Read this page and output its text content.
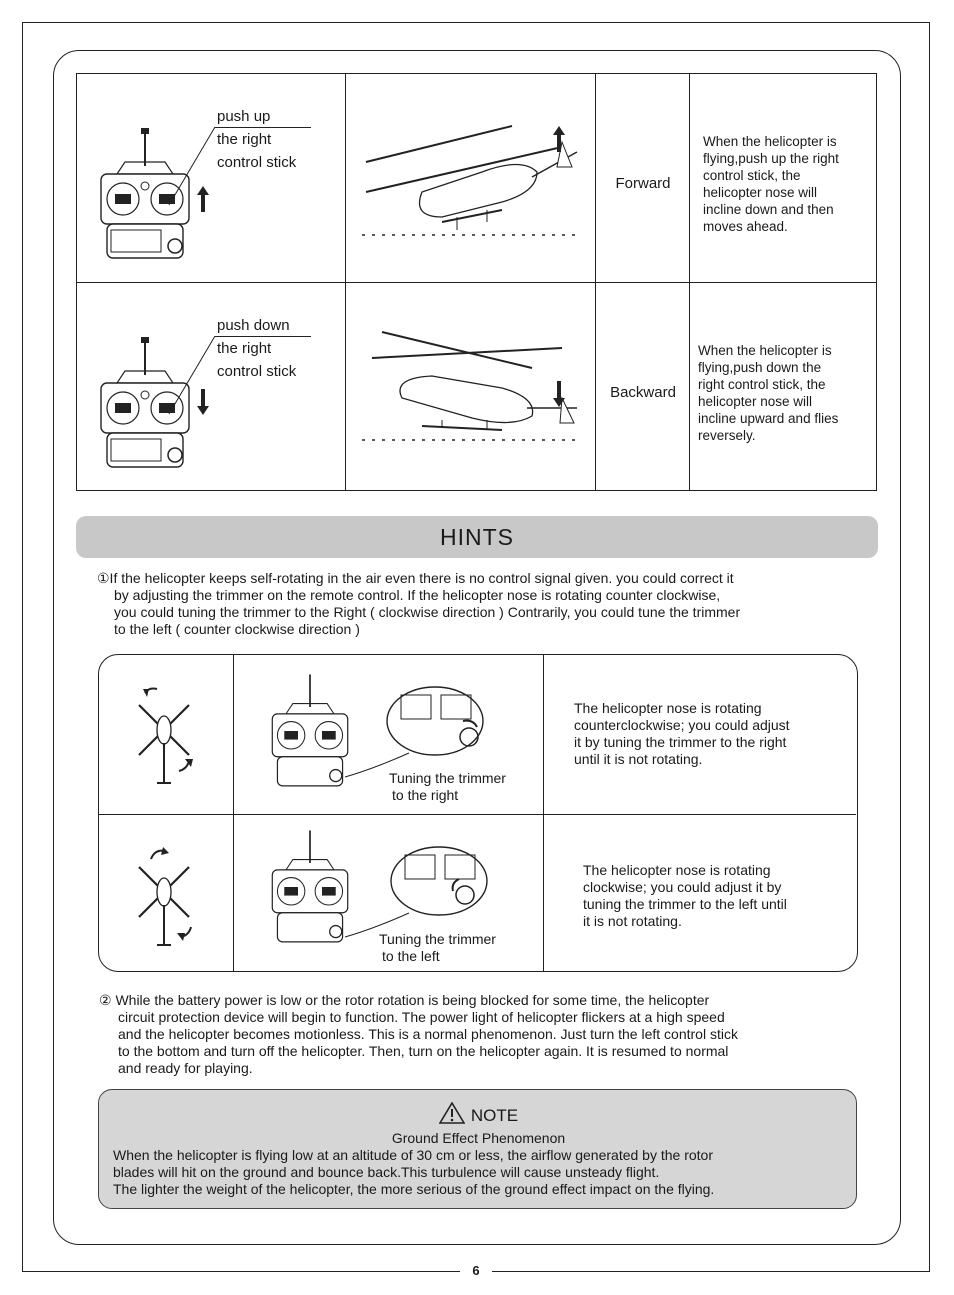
6
push up
the right
control stick
Forward
When the helicopter is
flying,push up the right
control stick, the
helicopter nose will
incline down and then
moves ahead.
push down
the right
control stick
Backward
When the helicopter is
flying,push down the
right control stick, the
helicopter nose will
incline upward and flies
reversely.
HINTS
①If the helicopter keeps self-rotating in the air even there is no control signal given. you could correct it
by adjusting the trimmer on the remote control. If the helicopter nose is rotating counter clockwise,
you could tuning the trimmer to the Right ( clockwise direction ) Contrarily, you could tune the trimmer
to the left ( counter clockwise direction )
Tuning the trimmer
to the right
The helicopter nose is rotating
counterclockwise; you could adjust
it by tuning the trimmer to the right
until it is not rotating.
Tuning the trimmer
to the left
The helicopter nose is rotating
clockwise; you could adjust it by
tuning the trimmer to the left until
it is not rotating.
② While the battery power is low or the rotor rotation is being blocked for some time, the helicopter
circuit protection device will begin to function. The power light of helicopter flickers at a high speed
and the helicopter becomes motionless. This is a normal phenomenon. Just turn the left control stick
to the bottom and turn off the helicopter. Then, turn on the helicopter again. It is resumed to normal
and ready for playing.
NOTE
Ground Effect Phenomenon
When the helicopter is flying low at an altitude of 30 cm or less, the airflow generated by the rotor
blades will hit on the ground and bounce back.This turbulence will cause unsteady flight.
The lighter the weight of the helicopter, the more serious of the ground effect impact on the flying.
